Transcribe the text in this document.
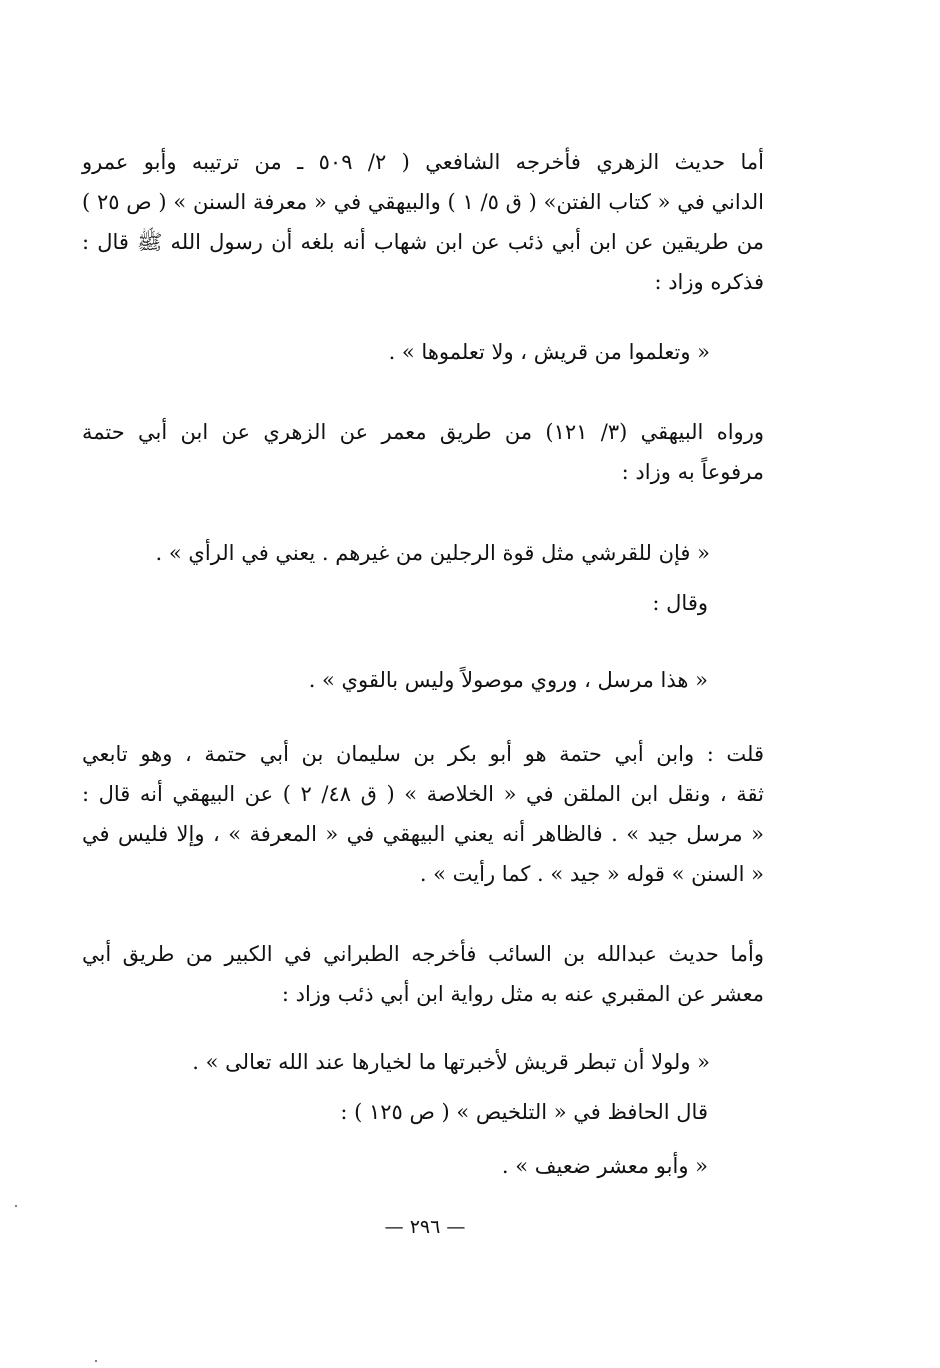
أما حديث الزهري فأخرجه الشافعي ( ٢/ ٥٠٩ ـ من ترتيبه وأبو عمرو
الداني في « كتاب الفتن» ( ق ٥/ ١ ) والبيهقي في « معرفة السنن » ( ص ٢٥ )
من طريقين عن ابن أبي ذئب عن ابن شهاب أنه بلغه أن رسول الله ﷺ قال :
فذكره وزاد :
« وتعلموا من قريش ، ولا تعلموها » .
ورواه البيهقي (٣/ ١٢١) من طريق معمر عن الزهري عن ابن أبي حتمة
مرفوعاً به وزاد :
« فإن للقرشي مثل قوة الرجلين من غيرهم . يعني في الرأي » .
وقال :
« هذا مرسل ، وروي موصولاً وليس بالقوي » .
قلت : وابن أبي حتمة هو أبو بكر بن سليمان بن أبي حتمة ، وهو تابعي
ثقة ، ونقل ابن الملقن في « الخلاصة » ( ق ٤٨/ ٢ ) عن البيهقي أنه قال :
« مرسل جيد » . فالظاهر أنه يعني البيهقي في « المعرفة » ، وإلا فليس في
« السنن » قوله « جيد » . كما رأيت » .
وأما حديث عبدالله بن السائب فأخرجه الطبراني في الكبير من طريق أبي
معشر عن المقبري عنه به مثل رواية ابن أبي ذئب وزاد :
« ولولا أن تبطر قريش لأخبرتها ما لخيارها عند الله تعالى » .
قال الحافظ في « التلخيص » ( ص ١٢٥ ) :
« وأبو معشر ضعيف » .
— ٢٩٦ —
